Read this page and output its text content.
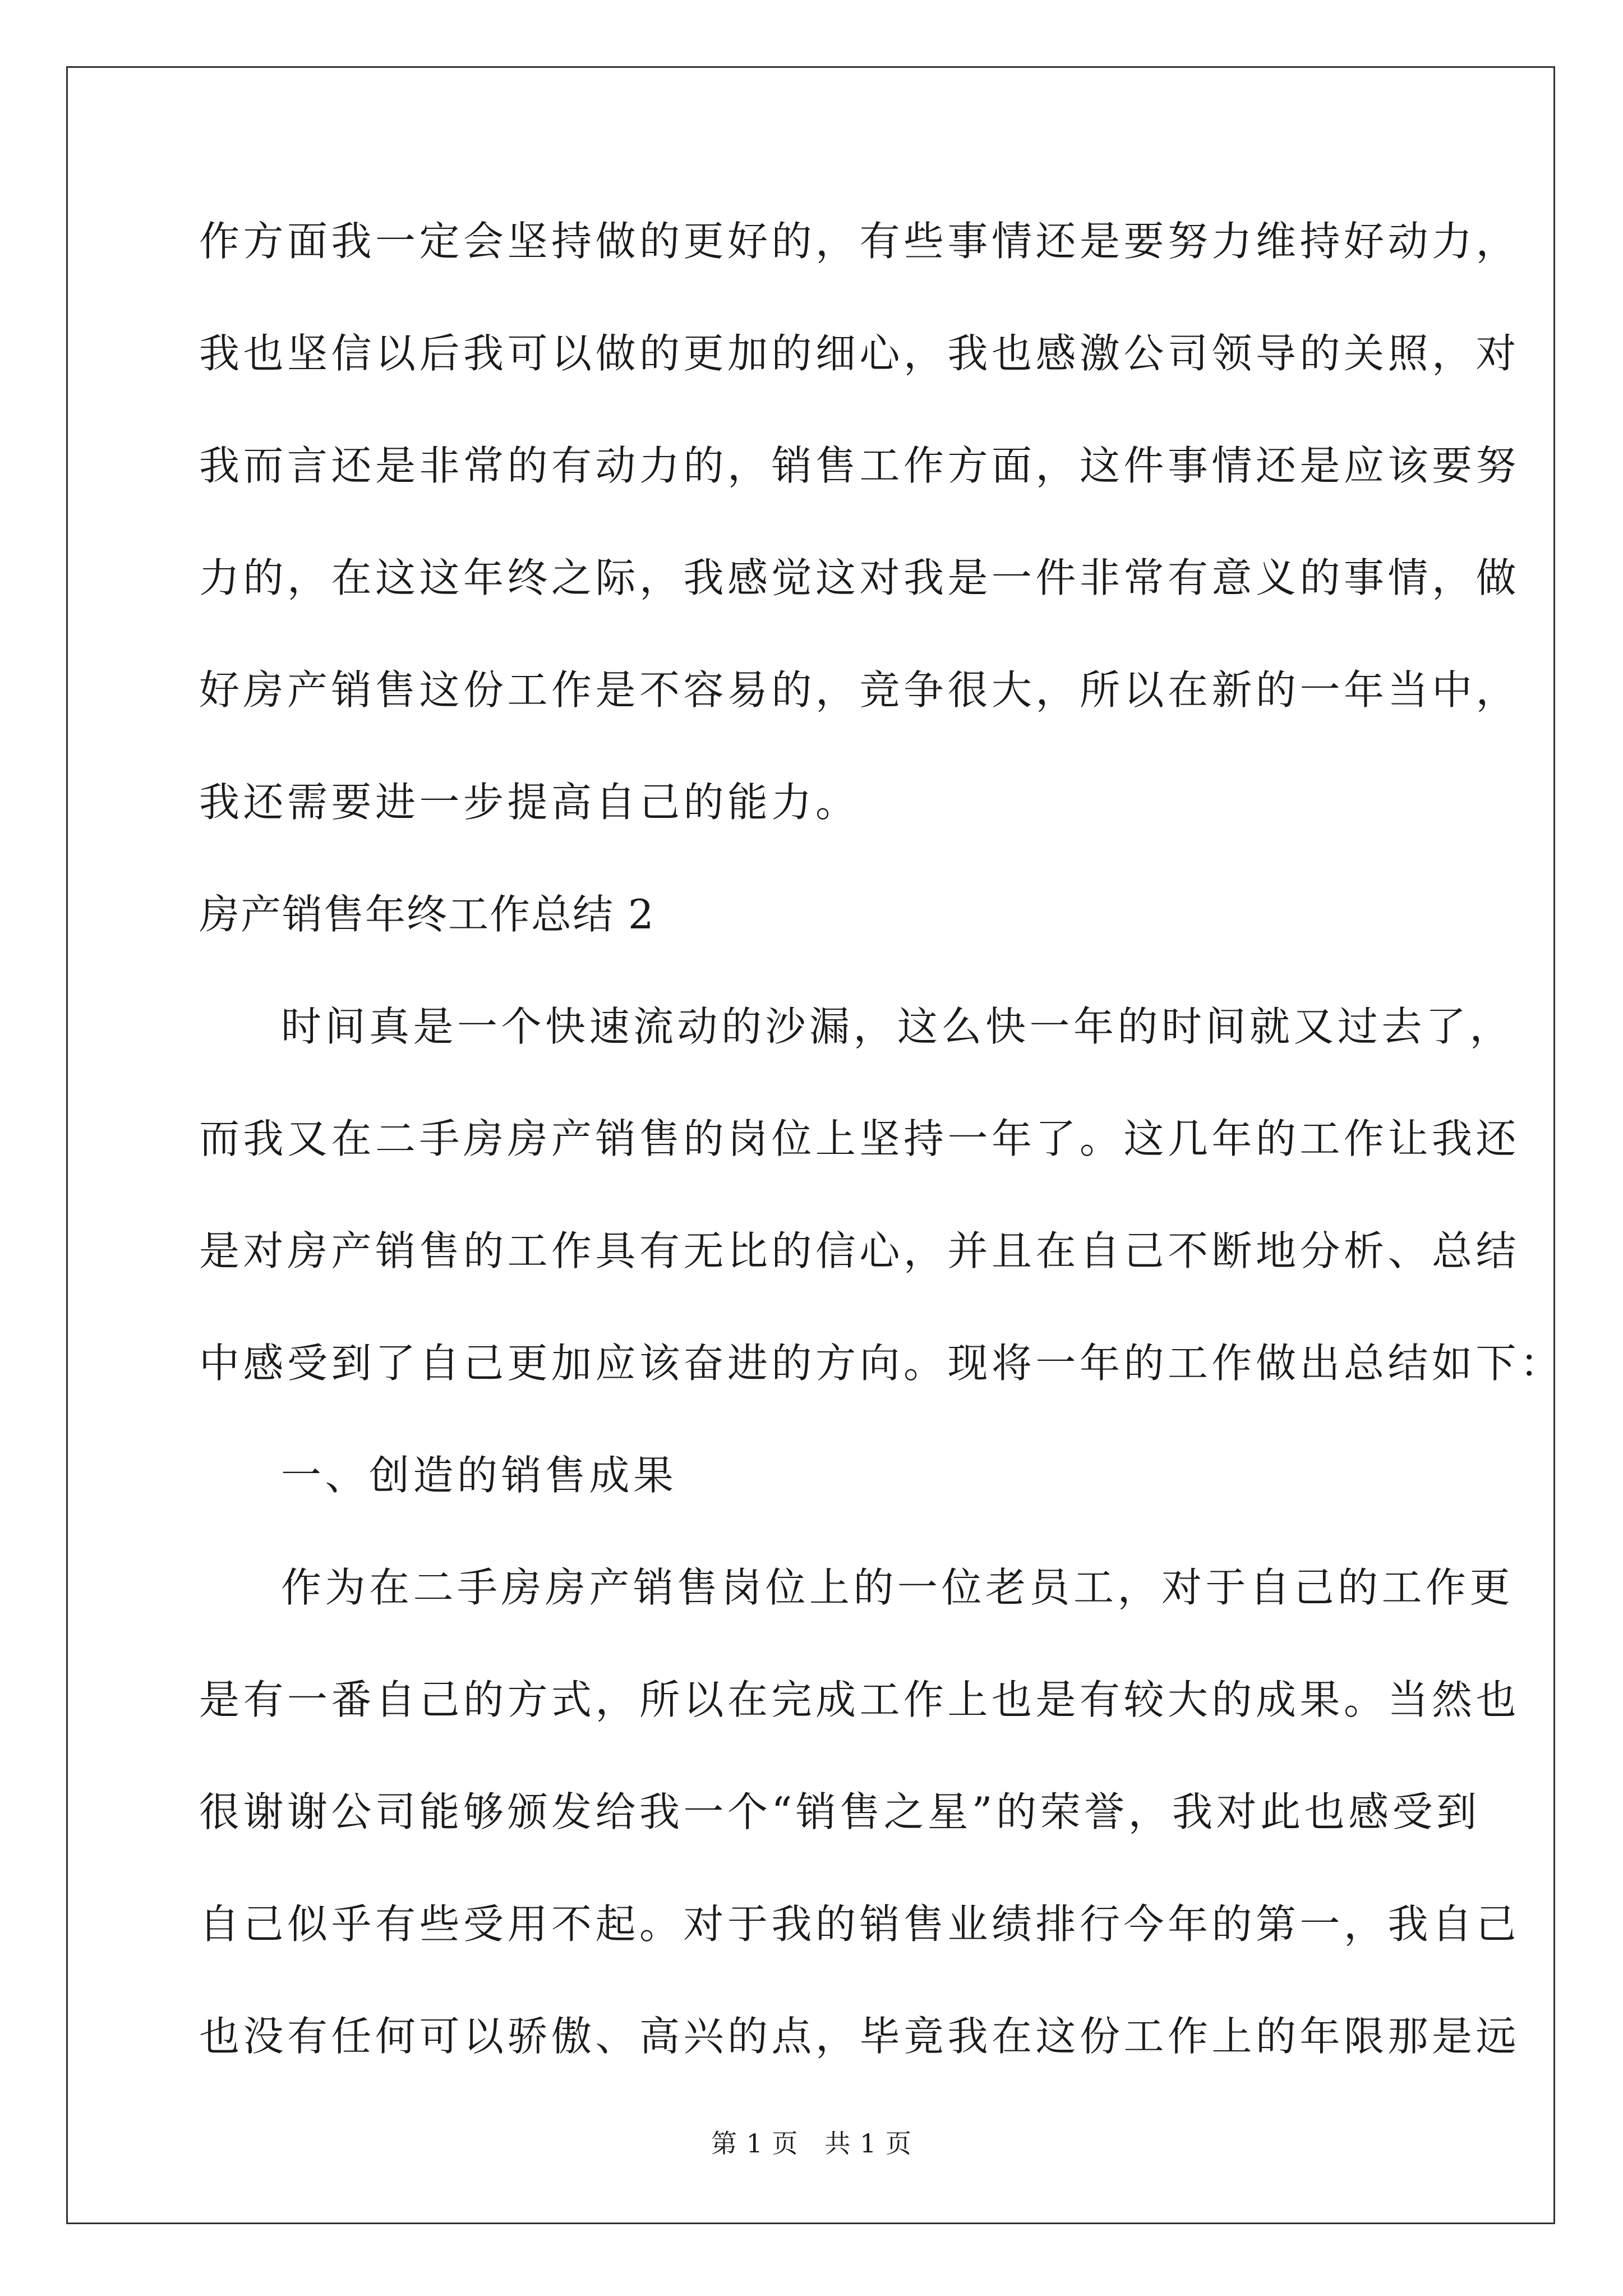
作方面我一定会坚持做的更好的，有些事情还是要努力维持好动力，
我也坚信以后我可以做的更加的细心，我也感激公司领导的关照，对
我而言还是非常的有动力的，销售工作方面，这件事情还是应该要努
力的，在这这年终之际，我感觉这对我是一件非常有意义的事情，做
好房产销售这份工作是不容易的，竞争很大，所以在新的一年当中，
我还需要进一步提高自己的能力。
房产销售年终工作总结 2
时间真是一个快速流动的沙漏，这么快一年的时间就又过去了，
而我又在二手房房产销售的岗位上坚持一年了。这几年的工作让我还
是对房产销售的工作具有无比的信心，并且在自己不断地分析、总结
中感受到了自己更加应该奋进的方向。现将一年的工作做出总结如下：
一、创造的销售成果
作为在二手房房产销售岗位上的一位老员工，对于自己的工作更
是有一番自己的方式，所以在完成工作上也是有较大的成果。当然也
很谢谢公司能够颁发给我一个“销售之星”的荣誉，我对此也感受到
自己似乎有些受用不起。对于我的销售业绩排行今年的第一，我自己
也没有任何可以骄傲、高兴的点，毕竟我在这份工作上的年限那是远
第 1 页　共 1 页
